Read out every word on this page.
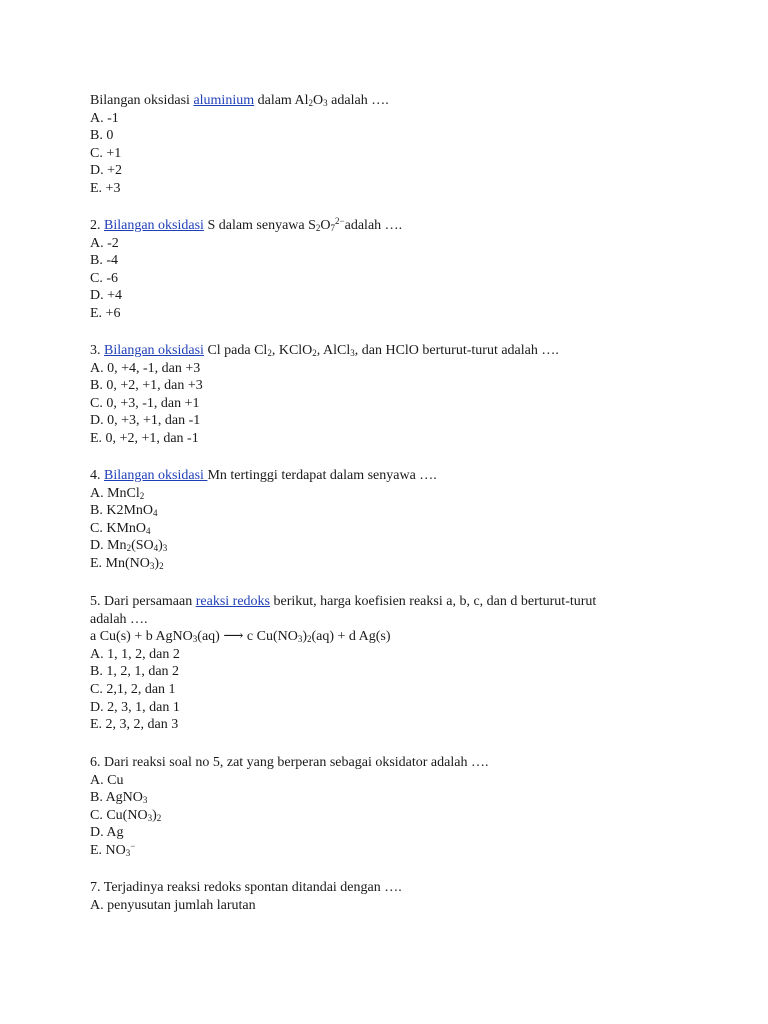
Bilangan oksidasi aluminium dalam $Al_2O_3$ adalah ….
A. -1
B. 0
C. +1
D. +2
E. +3
2. Bilangan oksidasi S dalam senyawa $S_2O_7^{2-}adalah$ ….
A. -2
B. -4
C. -6
D. +4
E. +6
3. Bilangan oksidasi Cl pada $Cl_2$, KClO$_2$, AlCl$_3$, dan HClO berturut-turut adalah ….
A. 0, +4, -1, dan +3
B. 0, +2, +1, dan +3
C. 0, +3, -1, dan +1
D. 0, +3, +1, dan -1
E. 0, +2, +1, dan -1
4. Bilangan oksidasi Mn tertinggi terdapat dalam senyawa ….
A. MnCl$_2$
B. K2MnO$_4$
C. KMnO$_4$
D. $Mn_2(SO_4)_3$
E. $Mn(NO_3)_2$
5. Dari persamaan reaksi redoks berikut, harga koefisien reaksi a, b, c, dan d berturut-turut
adalah ….
a Cu(s) + b AgNO$_3$(aq) ⟶ c $Cu(NO_3)_2(aq) + d$ Ag(s)
A. 1, 1, 2, dan 2
B. 1, 2, 1, dan 2
C. 2,1, 2, dan 1
D. 2, 3, 1, dan 1
E. 2, 3, 2, dan 3
6. Dari reaksi soal no 5, zat yang berperan sebagai oksidator adalah ….
A. Cu
B. AgNO$_3$
C. $Cu(NO_3)_2$
D. Ag
E. $NO_3^-$
7. Terjadinya reaksi redoks spontan ditandai dengan ….
A. penyusutan jumlah larutan
